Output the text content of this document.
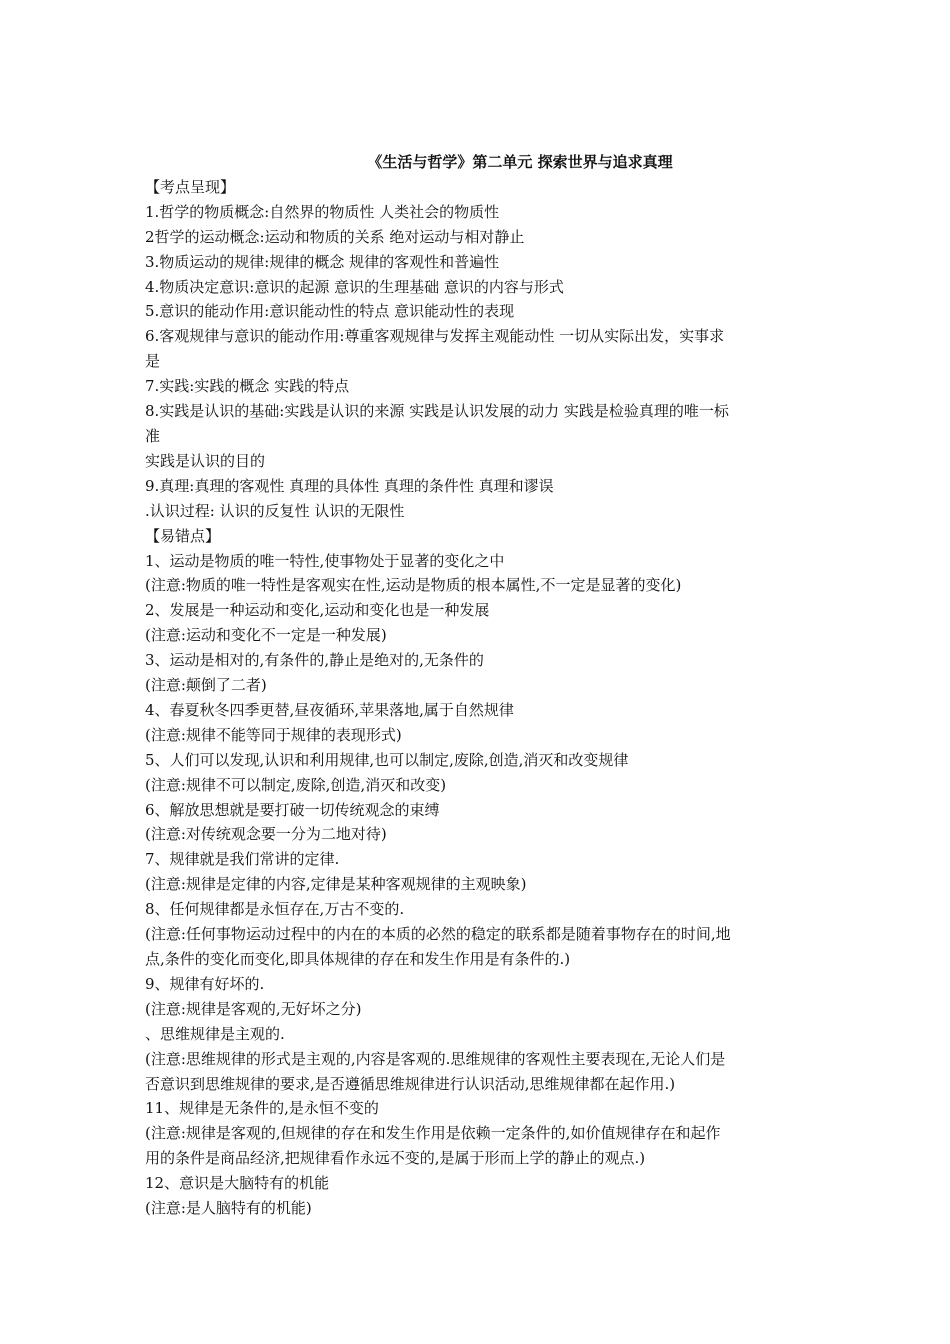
《生活与哲学》第二单元 探索世界与追求真理
【考点呈现】
1.哲学的物质概念:自然界的物质性 人类社会的物质性
2哲学的运动概念:运动和物质的关系 绝对运动与相对静止
3.物质运动的规律:规律的概念 规律的客观性和普遍性
4.物质决定意识:意识的起源 意识的生理基础 意识的内容与形式
5.意识的能动作用:意识能动性的特点 意识能动性的表现
6.客观规律与意识的能动作用:尊重客观规律与发挥主观能动性 一切从实际出发，实事求
是
7.实践:实践的概念 实践的特点
8.实践是认识的基础:实践是认识的来源 实践是认识发展的动力 实践是检验真理的唯一标
准
实践是认识的目的
9.真理:真理的客观性 真理的具体性 真理的条件性 真理和谬误
.认识过程: 认识的反复性 认识的无限性
【易错点】
1、运动是物质的唯一特性,使事物处于显著的变化之中
(注意:物质的唯一特性是客观实在性,运动是物质的根本属性,不一定是显著的变化)
2、发展是一种运动和变化,运动和变化也是一种发展
(注意:运动和变化不一定是一种发展)
3、运动是相对的,有条件的,静止是绝对的,无条件的
(注意:颠倒了二者)
4、春夏秋冬四季更替,昼夜循环,苹果落地,属于自然规律
(注意:规律不能等同于规律的表现形式)
5、人们可以发现,认识和利用规律,也可以制定,废除,创造,消灭和改变规律
(注意:规律不可以制定,废除,创造,消灭和改变)
6、解放思想就是要打破一切传统观念的束缚
(注意:对传统观念要一分为二地对待)
7、规律就是我们常讲的定律.
(注意:规律是定律的内容,定律是某种客观规律的主观映象)
8、任何规律都是永恒存在,万古不变的.
(注意:任何事物运动过程中的内在的本质的必然的稳定的联系都是随着事物存在的时间,地
点,条件的变化而变化,即具体规律的存在和发生作用是有条件的.)
9、规律有好坏的.
(注意:规律是客观的,无好坏之分)
、思维规律是主观的.
(注意:思维规律的形式是主观的,内容是客观的.思维规律的客观性主要表现在,无论人们是
否意识到思维规律的要求,是否遵循思维规律进行认识活动,思维规律都在起作用.)
11、规律是无条件的,是永恒不变的
(注意:规律是客观的,但规律的存在和发生作用是依赖一定条件的,如价值规律存在和起作
用的条件是商品经济,把规律看作永远不变的,是属于形而上学的静止的观点.)
12、意识是大脑特有的机能
(注意:是人脑特有的机能)
